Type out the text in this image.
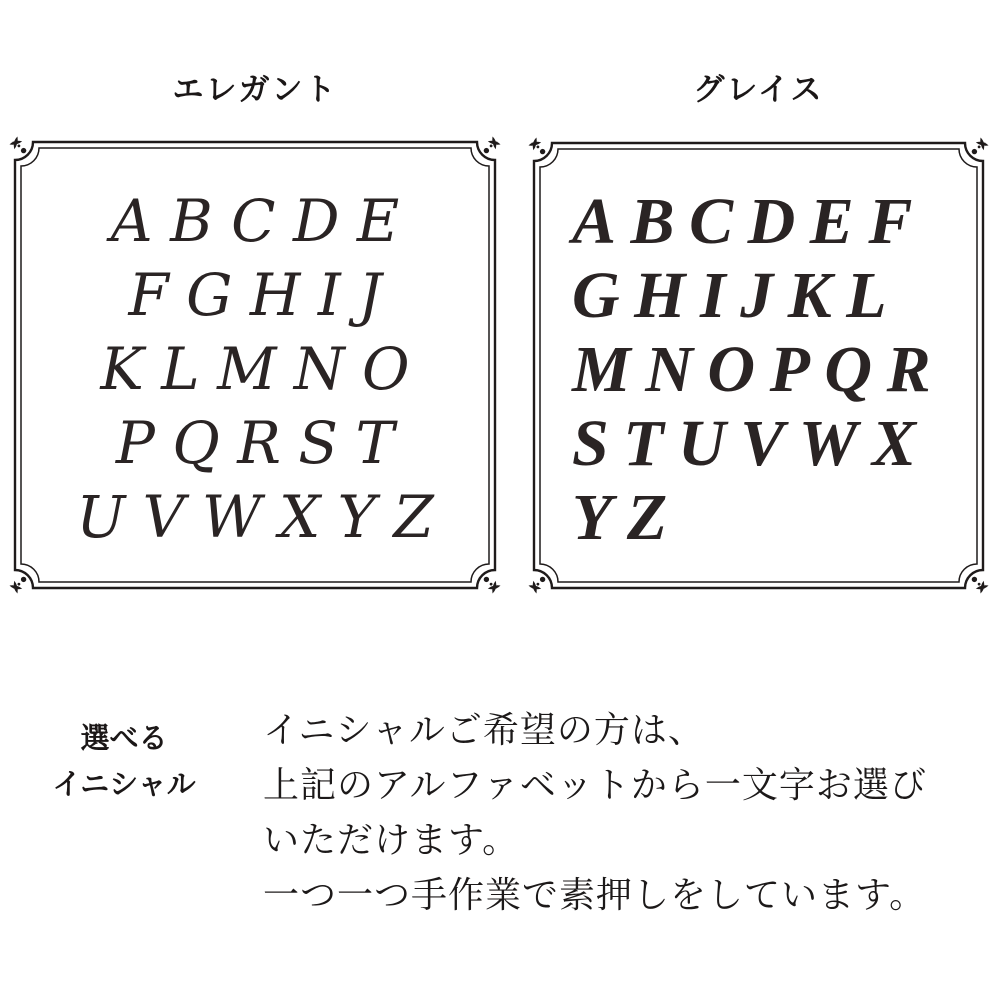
エレガント	グレイス
ABCDE
FGHIJ
KLMNO
PQRST
UVWXYZ
ABCDEF
GHIJKL
MNOPQR
STUVWX
YZ
選べる
イニシャル
イニシャルご希望の方は、
上記のアルファベットから一文字お選び
いただけます。
一つ一つ手作業で素押しをしています。
